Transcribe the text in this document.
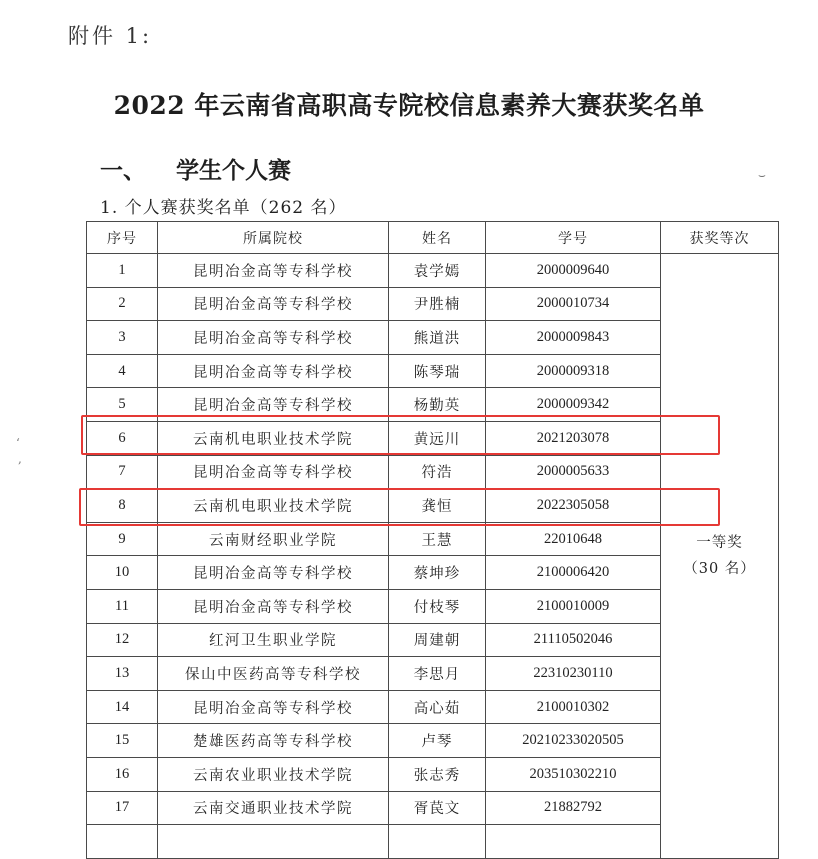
附件 1:
2022 年云南省高职高专院校信息素养大赛获奖名单
一、 学生个人赛
1. 个人赛获奖名单（262 名）
序号	所属院校	姓名	学号	获奖等次
1	昆明冶金高等专科学校	袁学嫣	2000009640	一等奖
（30 名）

2	昆明冶金高等专科学校	尹胜楠	2000010734	
3	昆明冶金高等专科学校	熊道洪	2000009843	
4	昆明冶金高等专科学校	陈琴瑞	2000009318	
5	昆明冶金高等专科学校	杨勤英	2000009342	
6	云南机电职业技术学院	黄远川	2021203078	
7	昆明冶金高等专科学校	符浩	2000005633	
8	云南机电职业技术学院	龚恒	2022305058	
9	云南财经职业学院	王慧	22010648	
10	昆明冶金高等专科学校	蔡坤珍	2100006420	
11	昆明冶金高等专科学校	付枝琴	2100010009	
12	红河卫生职业学院	周建朝	21110502046	
13	保山中医药高等专科学校	李思月	22310230110	
14	昆明冶金高等专科学校	高心茹	2100010302	
15	楚雄医药高等专科学校	卢琴	20210233020505	
16	云南农业职业技术学院	张志秀	203510302210	
17	云南交通职业技术学院	胥苠文	21882792	

‘
,
⌣
